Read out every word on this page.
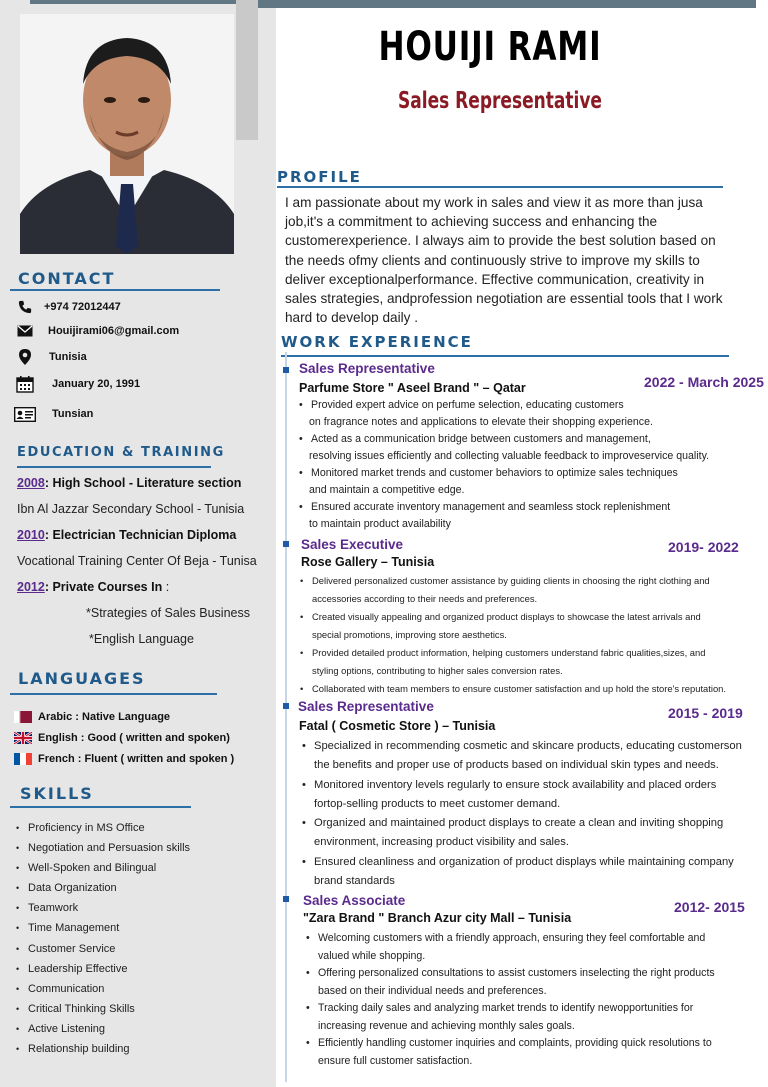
HOUIJI RAMI
Sales Representative
PROFILE
I am passionate about my work in sales and view it as more than jusa
job,it's a commitment to achieving success and enhancing the
customerexperience. I always aim to provide the best solution based on
the needs ofmy clients and continuously strive to improve my skills to
deliver exceptionalperformance. Effective communication, creativity in
sales strategies, andprofession negotiation are essential tools that I work
hard to develop daily .
WORK EXPERIENCE
Sales Representative
Parfume Store " Aseel Brand " – Qatar	2022 - March 2025
• Provided expert advice on perfume selection, educating customers
on fragrance notes and applications to elevate their shopping experience.
• Acted as a communication bridge between customers and management,
resolving issues efficiently and collecting valuable feedback to improveservice quality.
• Monitored market trends and customer behaviors to optimize sales techniques
and maintain a competitive edge.
• Ensured accurate inventory management and seamless stock replenishment
to maintain product availability
Sales Executive
Rose Gallery – Tunisia
2019- 2022
• Delivered personalized customer assistance by guiding clients in choosing the right clothing and
accessories according to their needs and preferences.
• Created visually appealing and organized product displays to showcase the latest arrivals and
special promotions, improving store aesthetics.
• Provided detailed product information, helping customers understand fabric qualities,sizes, and
styling options, contributing to higher sales conversion rates.
• Collaborated with team members to ensure customer satisfaction and up hold the store's reputation.
Sales Representative
Fatal ( Cosmetic Store ) – Tunisia
2015 - 2019
• Specialized in recommending cosmetic and skincare products, educating customerson
the benefits and proper use of products based on individual skin types and needs.
• Monitored inventory levels regularly to ensure stock availability and placed orders
fortop-selling products to meet customer demand.
• Organized and maintained product displays to create a clean and inviting shopping
environment, increasing product visibility and sales.
• Ensured cleanliness and organization of product displays while maintaining company
brand standards
Sales Associate
"Zara Brand " Branch Azur city Mall – Tunisia
2012- 2015
• Welcoming customers with a friendly approach, ensuring they feel comfortable and
valued while shopping.
• Offering personalized consultations to assist customers inselecting the right products
based on their individual needs and preferences.
• Tracking daily sales and analyzing market trends to identify newopportunities for
increasing revenue and achieving monthly sales goals.
• Efficiently handling customer inquiries and complaints, providing quick resolutions to
ensure full customer satisfaction.
CONTACT
+974 72012447
Houijirami06@gmail.com
Tunisia
January 20, 1991
Tunsian
EDUCATION & TRAINING
2008: High School - Literature section
Ibn Al Jazzar Secondary School - Tunisia
2010: Electrician Technician Diploma
Vocational Training Center Of Beja - Tunisa
2012: Private Courses In :
*Strategies of Sales Business
*English Language
LANGUAGES
Arabic : Native Language
English : Good ( written and spoken)
French : Fluent ( written and spoken )
SKILLS
• Proficiency in MS Office
• Negotiation and Persuasion skills
• Well-Spoken and Bilingual
• Data Organization
• Teamwork
• Time Management
• Customer Service
• Leadership Effective
• Communication
• Critical Thinking Skills
• Active Listening
• Relationship building
